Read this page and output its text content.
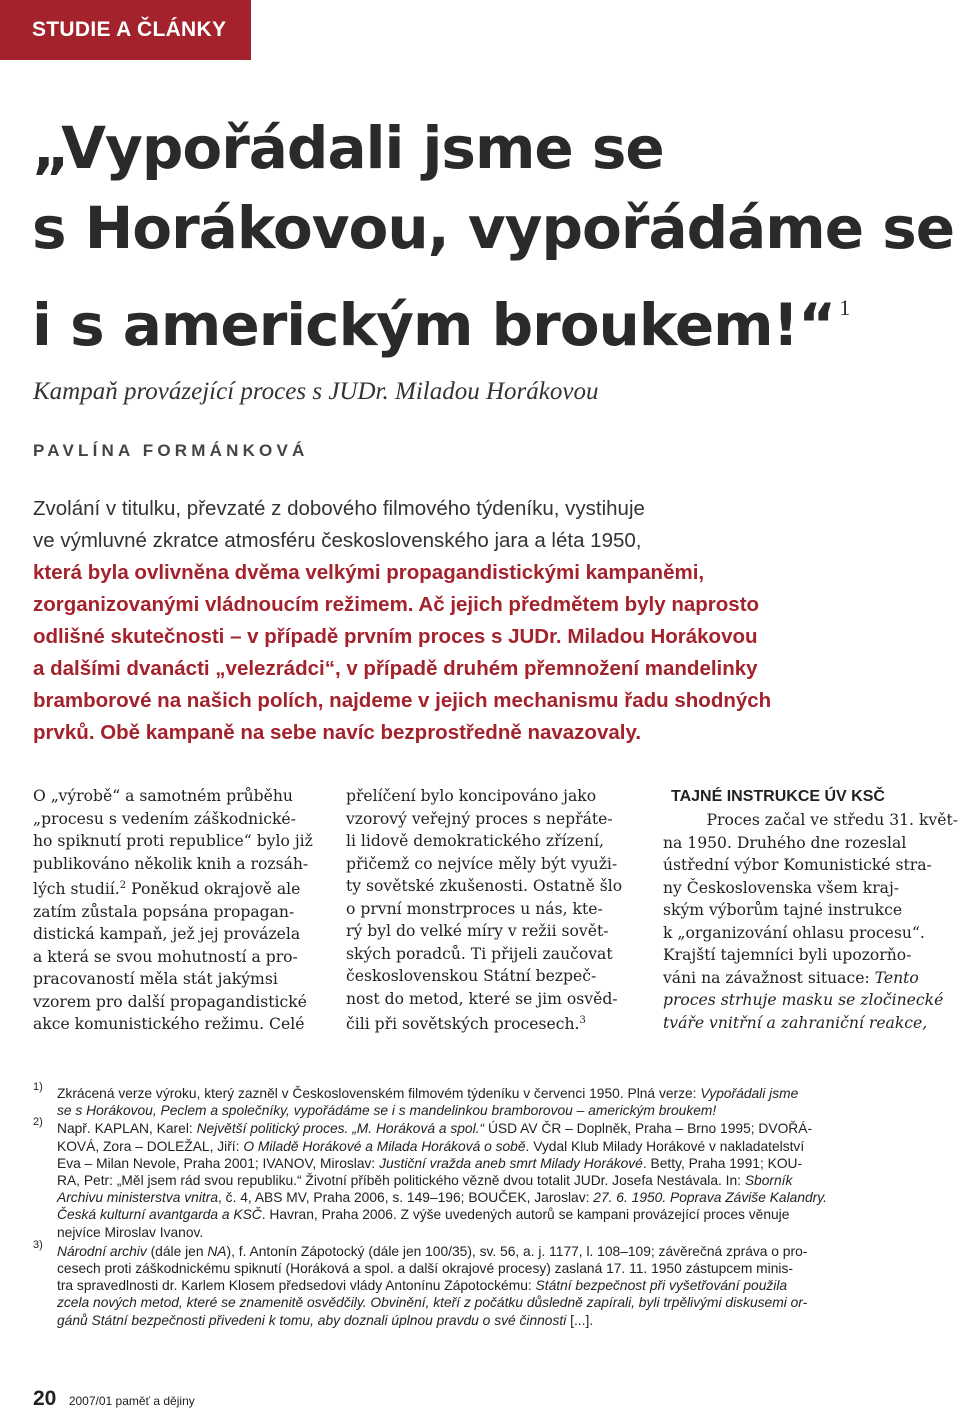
STUDIE A ČLÁNKY
„Vypořádali jsme se
s Horákovou, vypořádáme se
i s americkým broukem!“ $^1$
Kampaň provázející proces s JUDr. Miladou Horákovou
PAVLÍNA FORMÁNKOVÁ

Zvolání v titulku, převzaté z dobového filmového týdeníku, vystihuje

ve výmluvné zkratce atmosféru československého jara a léta 1950,

která byla ovlivněna dvěma velkými propagandistickými kampaněmi,

zorganizovanými vládnoucím režimem. Ač jejich předmětem byly naprosto

odlišné skutečnosti – v případě prvním proces s JUDr. Miladou Horákovou

a dalšími dvanácti „velezrádci“, v případě druhém přemnožení mandelinky

bramborové na našich polích, najdeme v jejich mechanismu řadu shodných

prvků. Obě kampaně na sebe navíc bezprostředně navazovaly.

O „výrobě“ a samotném průběhu

„procesu s vedením záškodnické-

ho spiknutí proti republice“ bylo již

publikováno několik knih a rozsáh-

lých studií.$^2$ Poněkud okrajově ale

zatím zůstala popsána propagan-

distická kampaň, jež jej provázela

a která se svou mohutností a pro-

pracovaností měla stát jakýmsi

vzorem pro další propagandistické

akce komunistického režimu. Celé

přelíčení bylo koncipováno jako

vzorový veřejný proces s nepřáte-

li lidově demokratického zřízení,

přičemž co nejvíce měly být využi-

ty sovětské zkušenosti. Ostatně šlo

o první monstrproces u nás, kte-

rý byl do velké míry v režii sovět-

ských poradců. Ti přijeli zaučovat

československou Státní bezpeč-

nost do metod, které se jim osvěd-

čili při sovětských procesech.$^3$

TAJNÉ INSTRUKCE ÚV KSČ

Proces začal ve středu 31. květ-

na 1950. Druhého dne rozeslal

ústřední výbor Komunistické stra-

ny Československa všem kraj-

ským výborům tajné instrukce

k „organizování ohlasu procesu“.

Krajští tajemníci byli upozorňo-

váni na závažnost situace: Tento

proces strhuje masku se zločinecké

tváře vnitřní a zahraniční reakce,

1) Zkrácená verze výroku, který zazněl v Československém filmovém týdeníku v červenci 1950. Plná verze: Vypořádali jsme

se s Horákovou, Peclem a společníky, vypořádáme se i s mandelinkou bramborovou – americkým broukem!

2) Např. KAPLAN, Karel: Největší politický proces. „M. Horáková a spol.“ ÚSD AV ČR – Doplněk, Praha – Brno 1995; DVOŘÁ-

KOVÁ, Zora – DOLEŽAL, Jiří: O Miladě Horákové a Milada Horáková o sobě. Vydal Klub Milady Horákové v nakladatelství

Eva – Milan Nevole, Praha 2001; IVANOV, Miroslav: Justiční vražda aneb smrt Milady Horákové. Betty, Praha 1991; KOU-

RA, Petr: „Měl jsem rád svou republiku.“ Životní příběh politického vězně dvou totalit JUDr. Josefa Nestávala. In: Sborník

Archivu ministerstva vnitra, č. 4, ABS MV, Praha 2006, s. 149–196; BOUČEK, Jaroslav: 27. 6. 1950. Poprava Záviše Kalandry.

Česká kulturní avantgarda a KSČ. Havran, Praha 2006. Z výše uvedených autorů se kampani provázející proces věnuje

nejvíce Miroslav Ivanov.

3) Národní archiv (dále jen NA), f. Antonín Zápotocký (dále jen 100/35), sv. 56, a. j. 1177, l. 108–109; závěrečná zpráva o pro-

cesech proti záškodnickému spiknutí (Horáková a spol. a další okrajové procesy) zaslaná 17. 11. 1950 zástupcem minis-

tra spravedlnosti dr. Karlem Klosem předsedovi vlády Antonínu Zápotockému: Státní bezpečnost při vyšetřování použila

zcela nových metod, které se znamenitě osvědčily. Obvinění, kteří z počátku důsledně zapírali, byli trpělivými diskusemi or-

gánů Státní bezpečnosti přivedeni k tomu, aby doznali úplnou pravdu o své činnosti [...].

20 2007/01 paměť a dějiny
